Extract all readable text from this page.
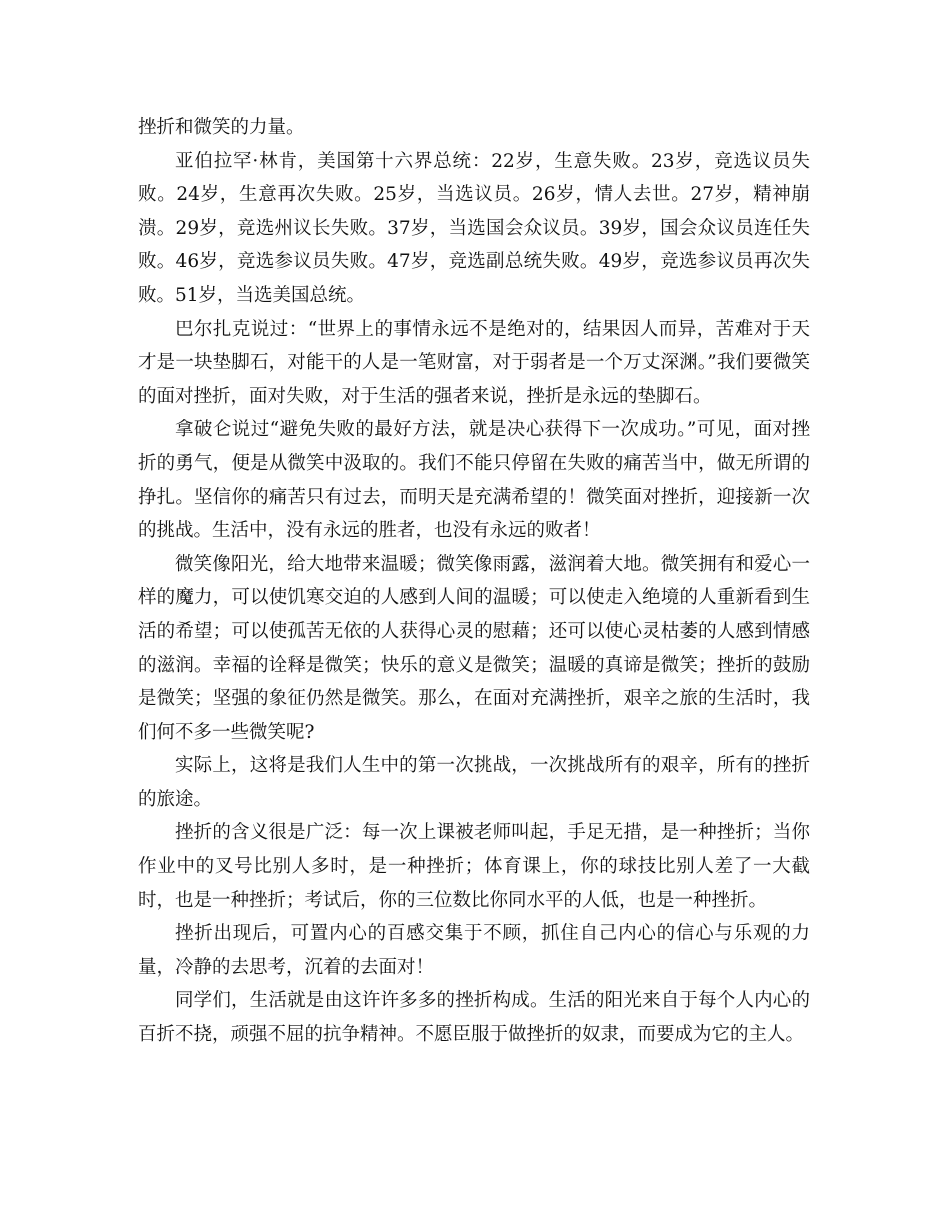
挫折和微笑的力量。

亚伯拉罕·林肯，美国第十六界总统：22岁，生意失败。23岁，竞选议员失败。24岁，生意再次失败。25岁，当选议员。26岁，情人去世。27岁，精神崩溃。29岁，竞选州议长失败。37岁，当选国会众议员。39岁，国会众议员连任失败。46岁，竞选参议员失败。47岁，竞选副总统失败。49岁，竞选参议员再次失败。51岁，当选美国总统。

巴尔扎克说过：“世界上的事情永远不是绝对的，结果因人而异，苦难对于天才是一块垫脚石，对能干的人是一笔财富，对于弱者是一个万丈深渊。”我们要微笑的面对挫折，面对失败，对于生活的强者来说，挫折是永远的垫脚石。

拿破仑说过“避免失败的最好方法，就是决心获得下一次成功。”可见，面对挫折的勇气，便是从微笑中汲取的。我们不能只停留在失败的痛苦当中，做无所谓的挣扎。坚信你的痛苦只有过去，而明天是充满希望的！微笑面对挫折，迎接新一次的挑战。生活中，没有永远的胜者，也没有永远的败者！

微笑像阳光，给大地带来温暖；微笑像雨露，滋润着大地。微笑拥有和爱心一样的魔力，可以使饥寒交迫的人感到人间的温暖；可以使走入绝境的人重新看到生活的希望；可以使孤苦无依的人获得心灵的慰藉；还可以使心灵枯萎的人感到情感的滋润。幸福的诠释是微笑；快乐的意义是微笑；温暖的真谛是微笑；挫折的鼓励是微笑；坚强的象征仍然是微笑。那么，在面对充满挫折，艰辛之旅的生活时，我们何不多一些微笑呢?

实际上，这将是我们人生中的第一次挑战，一次挑战所有的艰辛，所有的挫折的旅途。

挫折的含义很是广泛：每一次上课被老师叫起，手足无措，是一种挫折；当你作业中的叉号比别人多时，是一种挫折；体育课上，你的球技比别人差了一大截时，也是一种挫折；考试后，你的三位数比你同水平的人低，也是一种挫折。

挫折出现后，可置内心的百感交集于不顾，抓住自己内心的信心与乐观的力量，冷静的去思考，沉着的去面对！

同学们，生活就是由这许许多多的挫折构成。生活的阳光来自于每个人内心的百折不挠，顽强不屈的抗争精神。不愿臣服于做挫折的奴隶，而要成为它的主人。
